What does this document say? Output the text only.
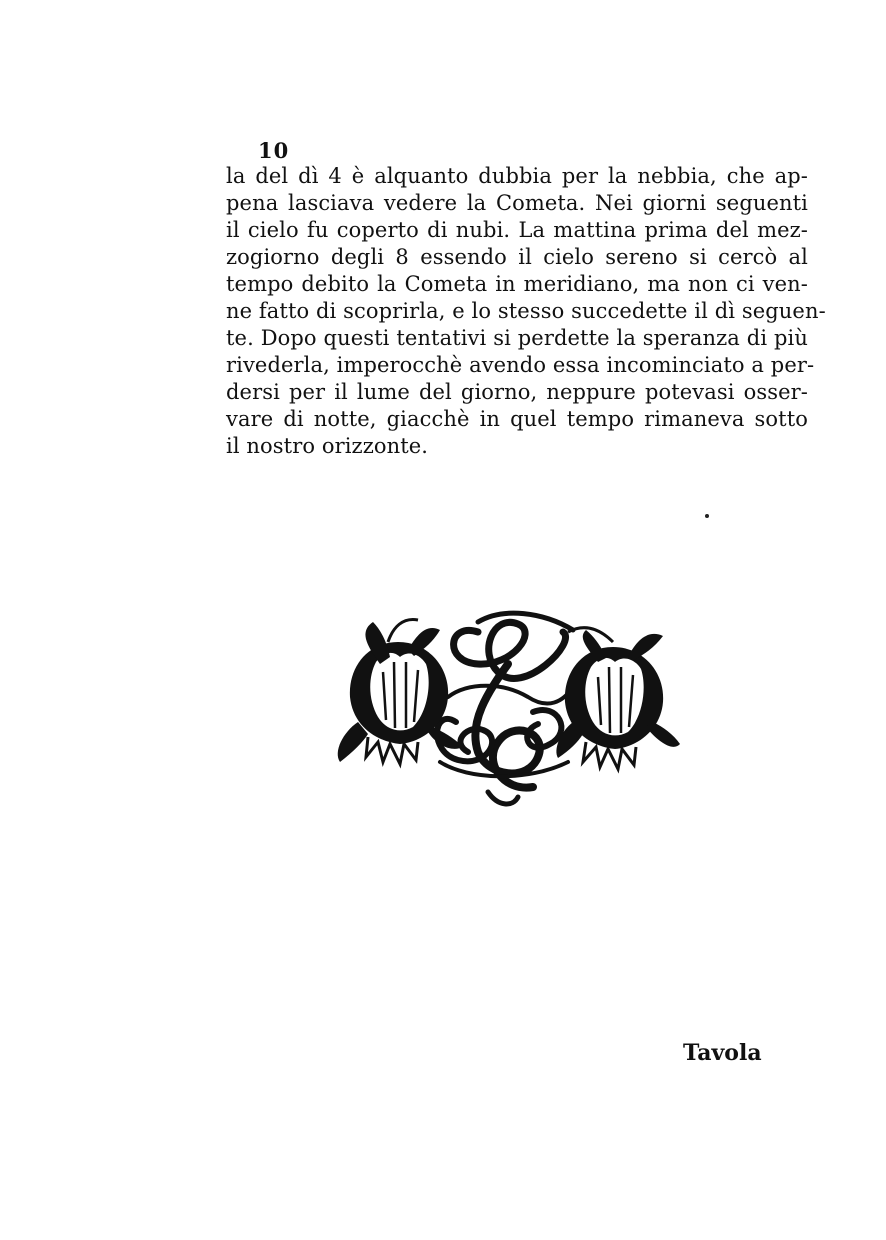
10
la del dì 4 è alquanto dubbia per la nebbia, che ap-
pena lasciava vedere la Cometa. Nei giorni seguenti
il cielo fu coperto di nubi. La mattina prima del mez-
zogiorno degli 8 essendo il cielo sereno si cercò al
tempo debito la Cometa in meridiano, ma non ci ven-
ne fatto di scoprirla, e lo stesso succedette il dì seguen-
te. Dopo questi tentativi si perdette la speranza di più
rivederla, imperocchè avendo essa incominciato a per-
dersi per il lume del giorno, neppure potevasi osser-
vare di notte, giacchè in quel tempo rimaneva sotto
il nostro orizzonte.
Tavola
